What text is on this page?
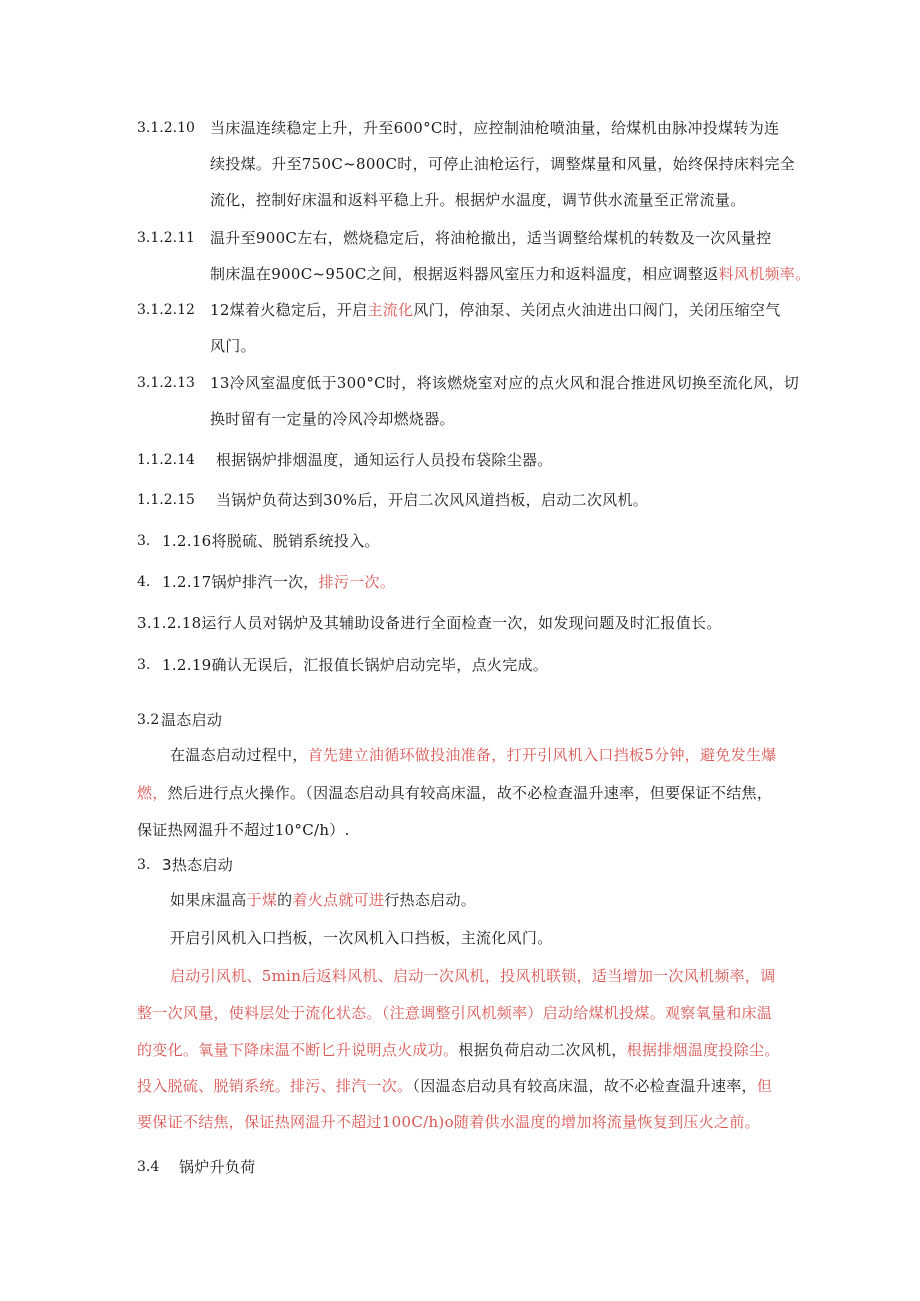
3.1.2.10 当床温连续稳定上升，升至600°C时，应控制油枪喷油量，给煤机由脉冲投煤转为连
续投煤。升至750C~800C时，可停止油枪运行，调整煤量和风量，始终保持床料完全
流化，控制好床温和返料平稳上升。根据炉水温度，调节供水流量至正常流量。
3.1.2.11 温升至900C左右，燃烧稳定后，将油枪撤出，适当调整给煤机的转数及一次风量控
制床温在900C~950C之间，根据返料器风室压力和返料温度，相应调整返料风机频率。
3.1.2.12 12煤着火稳定后，开启主流化风门，停油泵、关闭点火油进出口阀门，关闭压缩空气
风门。
3.1.2.13 13冷风室温度低于300°C时，将该燃烧室对应的点火风和混合推进风切换至流化风，切
换时留有一定量的冷风冷却燃烧器。
1.1.2.14 根据锅炉排烟温度，通知运行人员投布袋除尘器。
1.1.2.15 当锅炉负荷达到30%后，开启二次风风道挡板，启动二次风机。
3. 1.2.16将脱硫、脱销系统投入。
4. 1.2.17锅炉排汽一次，排污一次。
3.1.2.18运行人员对锅炉及其辅助设备进行全面检查一次，如发现问题及时汇报值长。
3. 1.2.19确认无误后，汇报值长锅炉启动完毕，点火完成。
3.2 温态启动
在温态启动过程中，首先建立油循环做投油准备，打开引风机入口挡板5分钟，避免发生爆
燃，然后进行点火操作。（因温态启动具有较高床温，故不必检查温升速率，但要保证不结焦，
保证热网温升不超过10°C/h）.
3. 3热态启动
如果床温高于煤的着火点就可进行热态启动。
开启引风机入口挡板，一次风机入口挡板，主流化风门。
启动引风机、5min后返料风机、启动一次风机，投风机联锁，适当增加一次风机频率，调
整一次风量，使料层处于流化状态。（注意调整引风机频率）启动给煤机投煤。观察氧量和床温
的变化。氧量下降床温不断匕升说明点火成功。根据负荷启动二次风机，根据排烟温度投除尘。
投入脱硫、脱销系统。排污、排汽一次。（因温态启动具有较高床温，故不必检查温升速率，但
要保证不结焦，保证热网温升不超过100C/h)o随着供水温度的增加将流量恢复到压火之前。
3.4 锅炉升负荷
